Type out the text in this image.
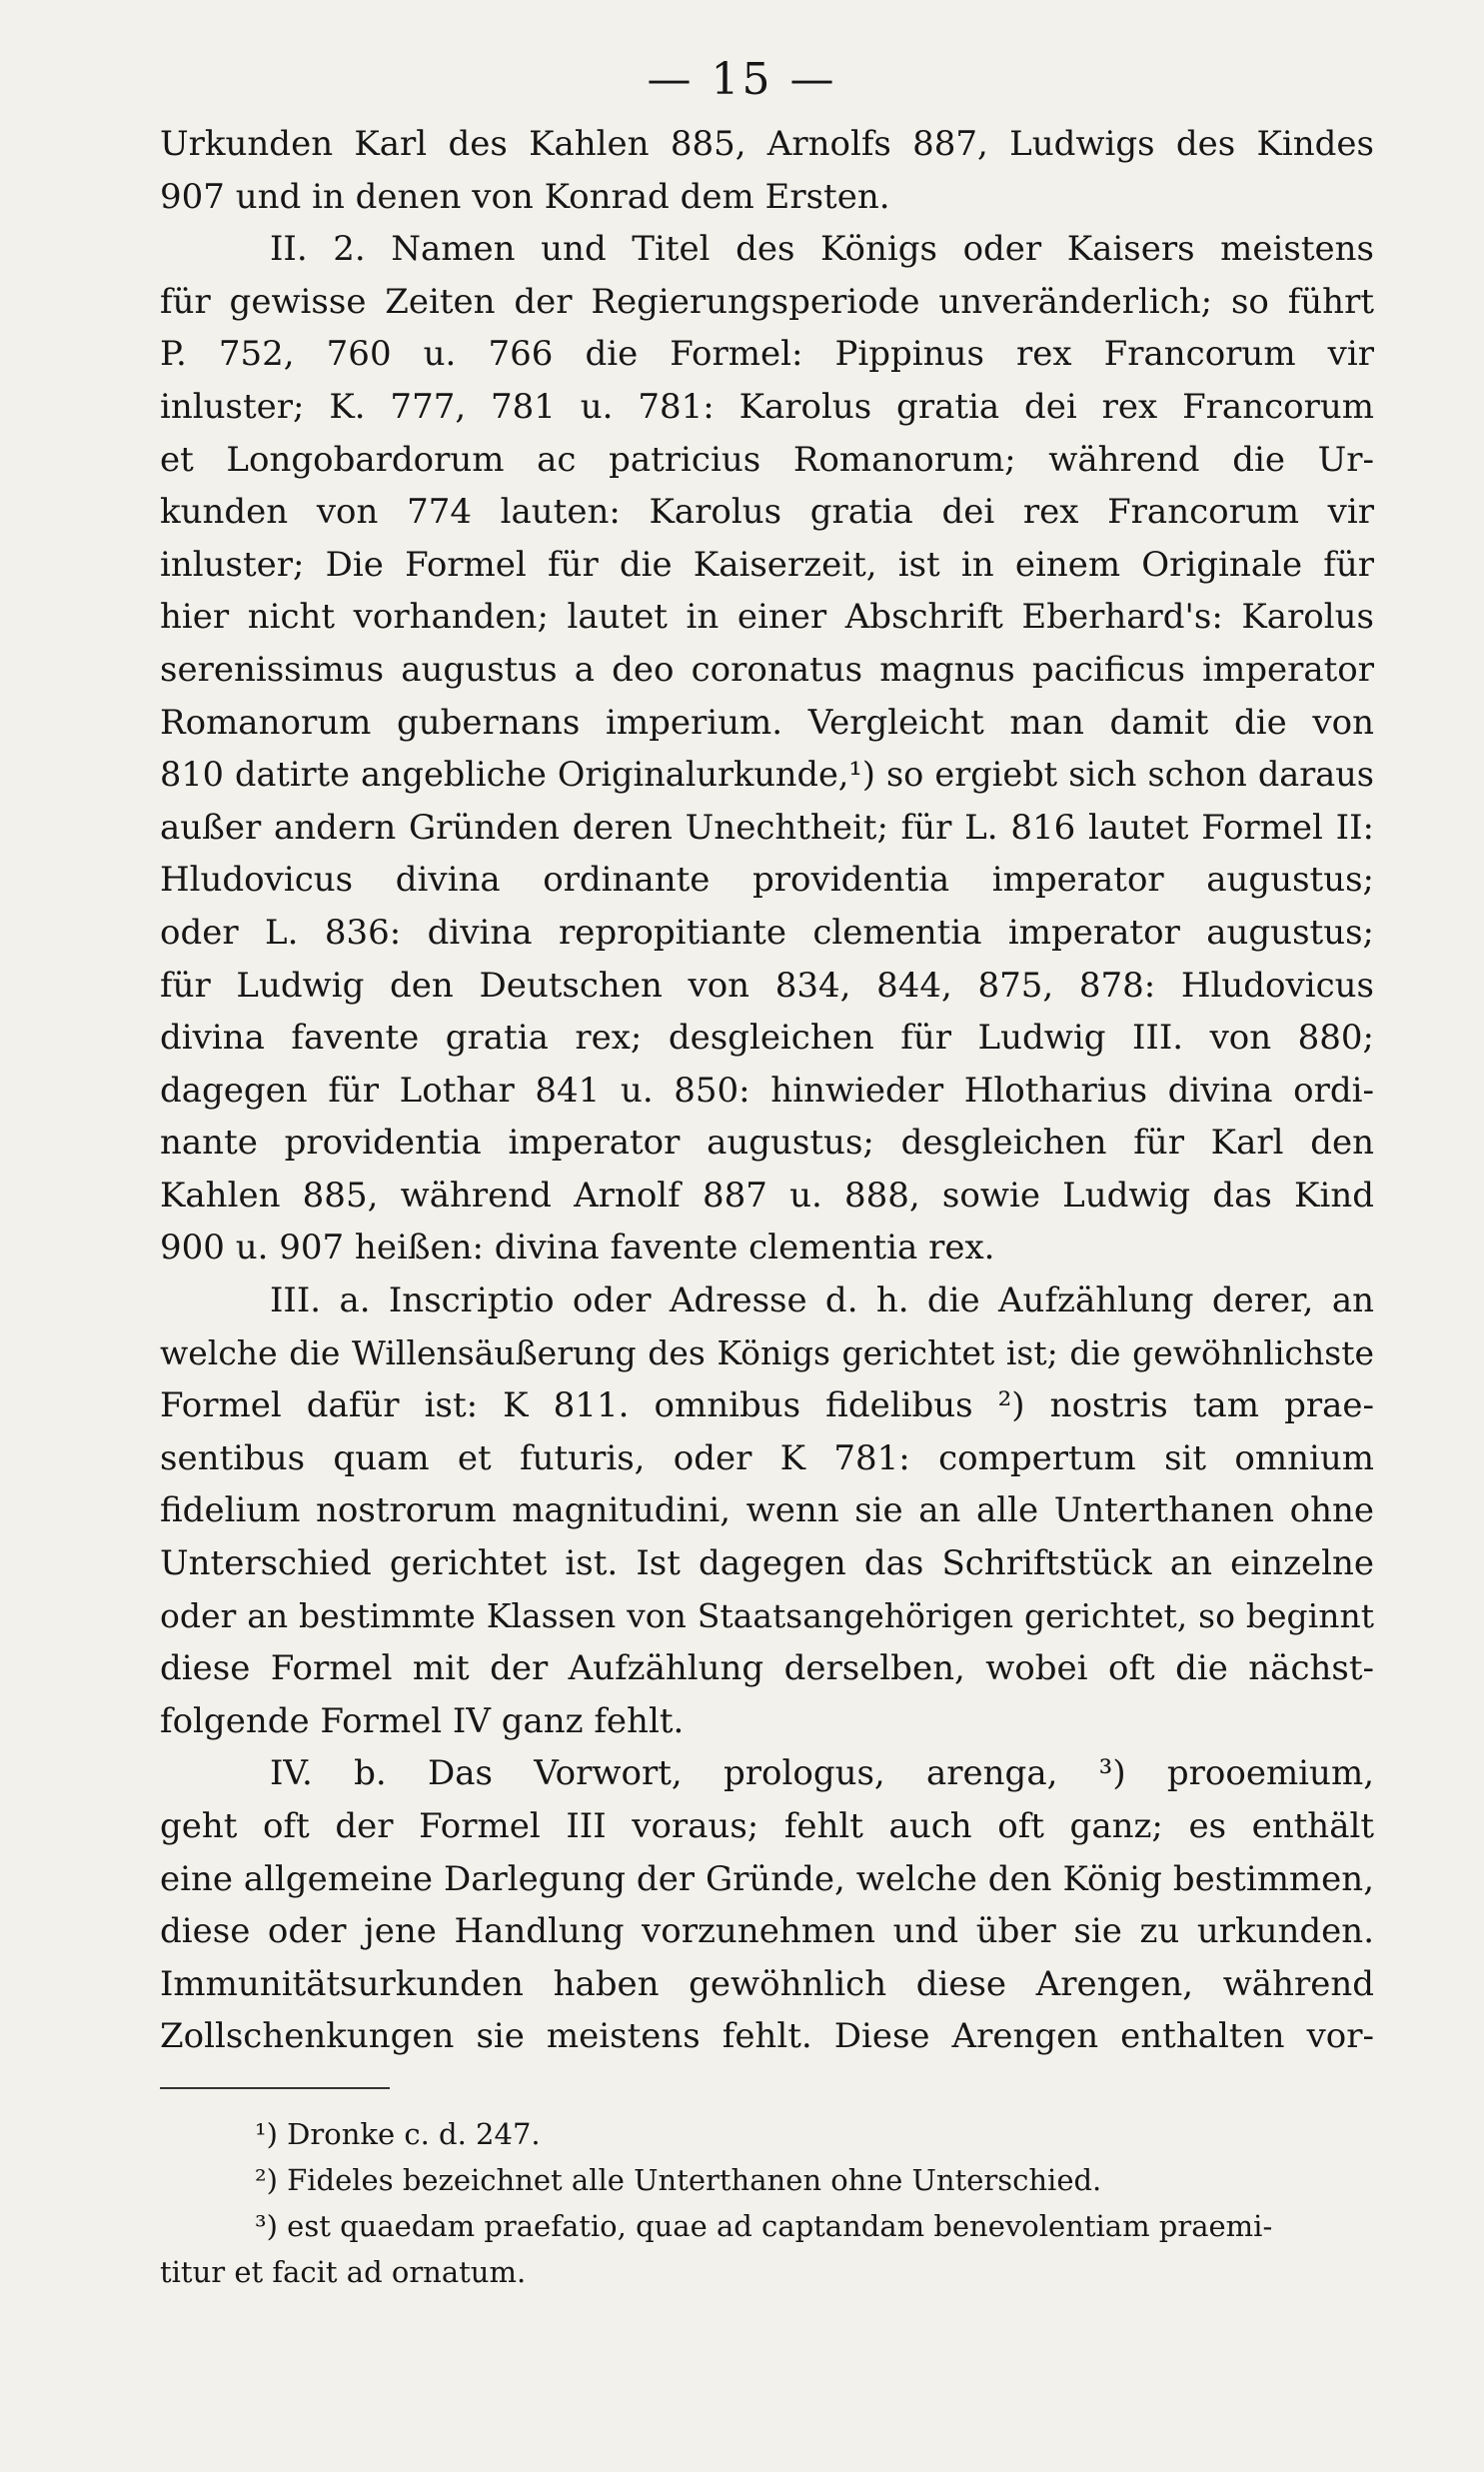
— 15 —
Urkunden Karl des Kahlen 885, Arnolfs 887, Ludwigs des Kindes
907 und in denen von Konrad dem Ersten.
II. 2. Namen und Titel des Königs oder Kaisers meistens
für gewisse Zeiten der Regierungsperiode unveränderlich; so führt
P. 752, 760 u. 766 die Formel: Pippinus rex Francorum vir
inluster; K. 777, 781 u. 781: Karolus gratia dei rex Francorum
et Longobardorum ac patricius Romanorum; während die Ur-
kunden von 774 lauten: Karolus gratia dei rex Francorum vir
inluster; Die Formel für die Kaiserzeit, ist in einem Originale für
hier nicht vorhanden; lautet in einer Abschrift Eberhard's: Karolus
serenissimus augustus a deo coronatus magnus pacificus imperator
Romanorum gubernans imperium. Vergleicht man damit die von
810 datirte angebliche Originalurkunde,¹) so ergiebt sich schon daraus
außer andern Gründen deren Unechtheit; für L. 816 lautet Formel II:
Hludovicus divina ordinante providentia imperator augustus;
oder L. 836: divina repropitiante clementia imperator augustus;
für Ludwig den Deutschen von 834, 844, 875, 878: Hludovicus
divina favente gratia rex; desgleichen für Ludwig III. von 880;
dagegen für Lothar 841 u. 850: hinwieder Hlotharius divina ordi-
nante providentia imperator augustus; desgleichen für Karl den
Kahlen 885, während Arnolf 887 u. 888, sowie Ludwig das Kind
900 u. 907 heißen: divina favente clementia rex.
III. a. Inscriptio oder Adresse d. h. die Aufzählung derer, an
welche die Willensäußerung des Königs gerichtet ist; die gewöhnlichste
Formel dafür ist: K 811. omnibus fidelibus ²) nostris tam prae-
sentibus quam et futuris, oder K 781: compertum sit omnium
fidelium nostrorum magnitudini, wenn sie an alle Unterthanen ohne
Unterschied gerichtet ist. Ist dagegen das Schriftstück an einzelne
oder an bestimmte Klassen von Staatsangehörigen gerichtet, so beginnt
diese Formel mit der Aufzählung derselben, wobei oft die nächst-
folgende Formel IV ganz fehlt.
IV. b. Das Vorwort, prologus, arenga, ³) prooemium,
geht oft der Formel III voraus; fehlt auch oft ganz; es enthält
eine allgemeine Darlegung der Gründe, welche den König bestimmen,
diese oder jene Handlung vorzunehmen und über sie zu urkunden.
Immunitätsurkunden haben gewöhnlich diese Arengen, während
Zollschenkungen sie meistens fehlt. Diese Arengen enthalten vor-
¹) Dronke c. d. 247.
²) Fideles bezeichnet alle Unterthanen ohne Unterschied.
³) est quaedam praefatio, quae ad captandam benevolentiam praemi-
titur et facit ad ornatum.
